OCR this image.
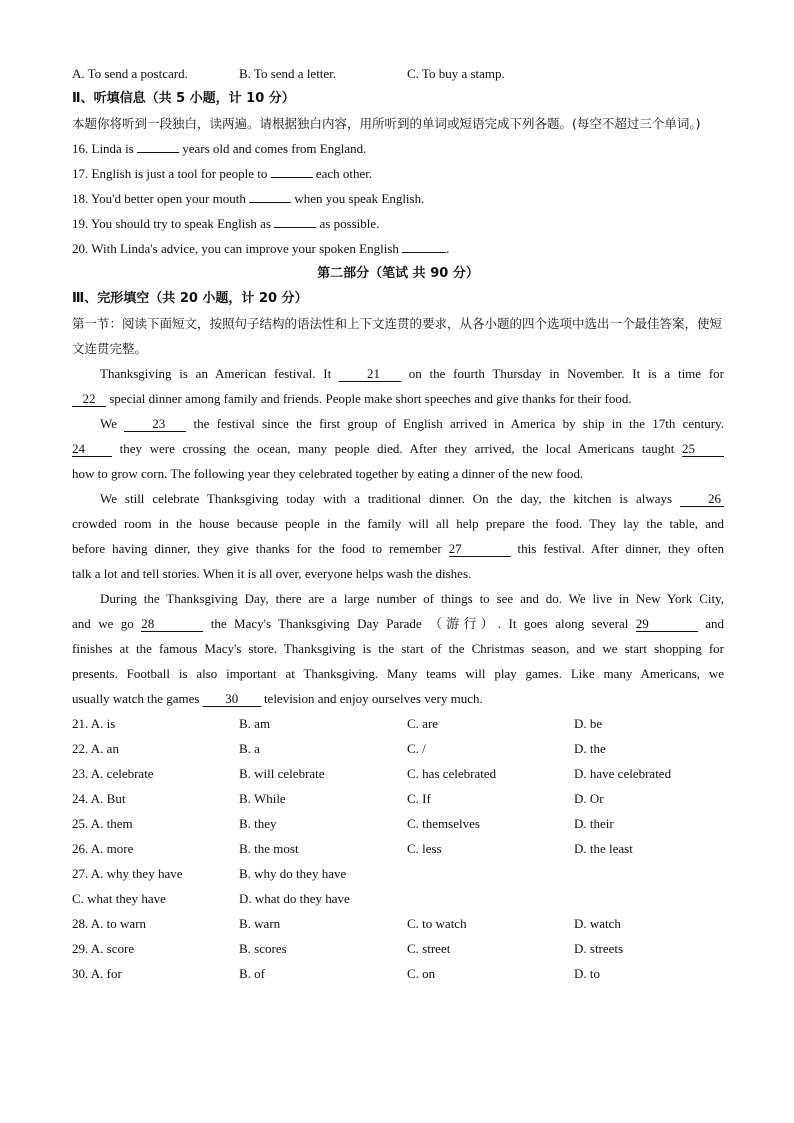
A. To send a postcard.	B. To send a letter.	C. To buy a stamp.
Ⅱ、听填信息（共 5 小题，计 10 分）
本题你将听到一段独白，读两遍。请根据独白内容，用所听到的单词或短语完成下列各题。(每空不超过三个单词。)
16. Linda is	years old and comes from England.
17. English is just a tool for people to	each other.
18. You'd better open your mouth	when you speak English.
19. You should try to speak English as	as possible.
20. With Linda's advice, you can improve your spoken English	.
第二部分（笔试 共 90 分）
Ⅲ、完形填空（共 20 小题，计 20 分）
第一节：阅读下面短文，按照句子结构的语法性和上下文连贯的要求，从各小题的四个选项中选出一个最佳答案，使短文连贯完整。
Thanksgiving is an American festival. It 21 on the fourth Thursday in November. It is a time for
22 special dinner among family and friends. People make short speeches and give thanks for their food.
We 23 the festival since the first group of English arrived in America by ship in the 17th century.
24 they were crossing the ocean, many people died. After they arrived, the local Americans taught 25
how to grow corn. The following year they celebrated together by eating a dinner of the new food.
We still celebrate Thanksgiving today with a traditional dinner. On the day, the kitchen is always 26
crowded room in the house because people in the family will all help prepare the food. They lay the table, and
before having dinner, they give thanks for the food to remember 27	this festival. After dinner, they often
talk a lot and tell stories. When it is all over, everyone helps wash the dishes.
During the Thanksgiving Day, there are a large number of things to see and do. We live in New York City,
and we go 28	the Macy's Thanksgiving Day Parade （游行）. It goes along several 29	and
finishes at the famous Macy's store. Thanksgiving is the start of the Christmas season, and we start shopping for
presents. Football is also important at Thanksgiving. Many teams will play games. Like many Americans, we
usually watch the games 30 television and enjoy ourselves very much.
21. A. is	B. am	C. are	D. be
22. A. an	B. a	C. /	D. the
23. A. celebrate	B. will celebrate	C. has celebrated	D. have celebrated
24. A. But	B. While	C. If	D. Or
25. A. them	B. they	C. themselves	D. their
26. A. more	B. the most	C. less	D. the least
27. A. why they have	B. why do they have
C. what they have	D. what do they have
28. A. to warn	B. warn	C. to watch	D. watch
29. A. score	B. scores	C. street	D. streets
30. A. for	B. of	C. on	D. to
